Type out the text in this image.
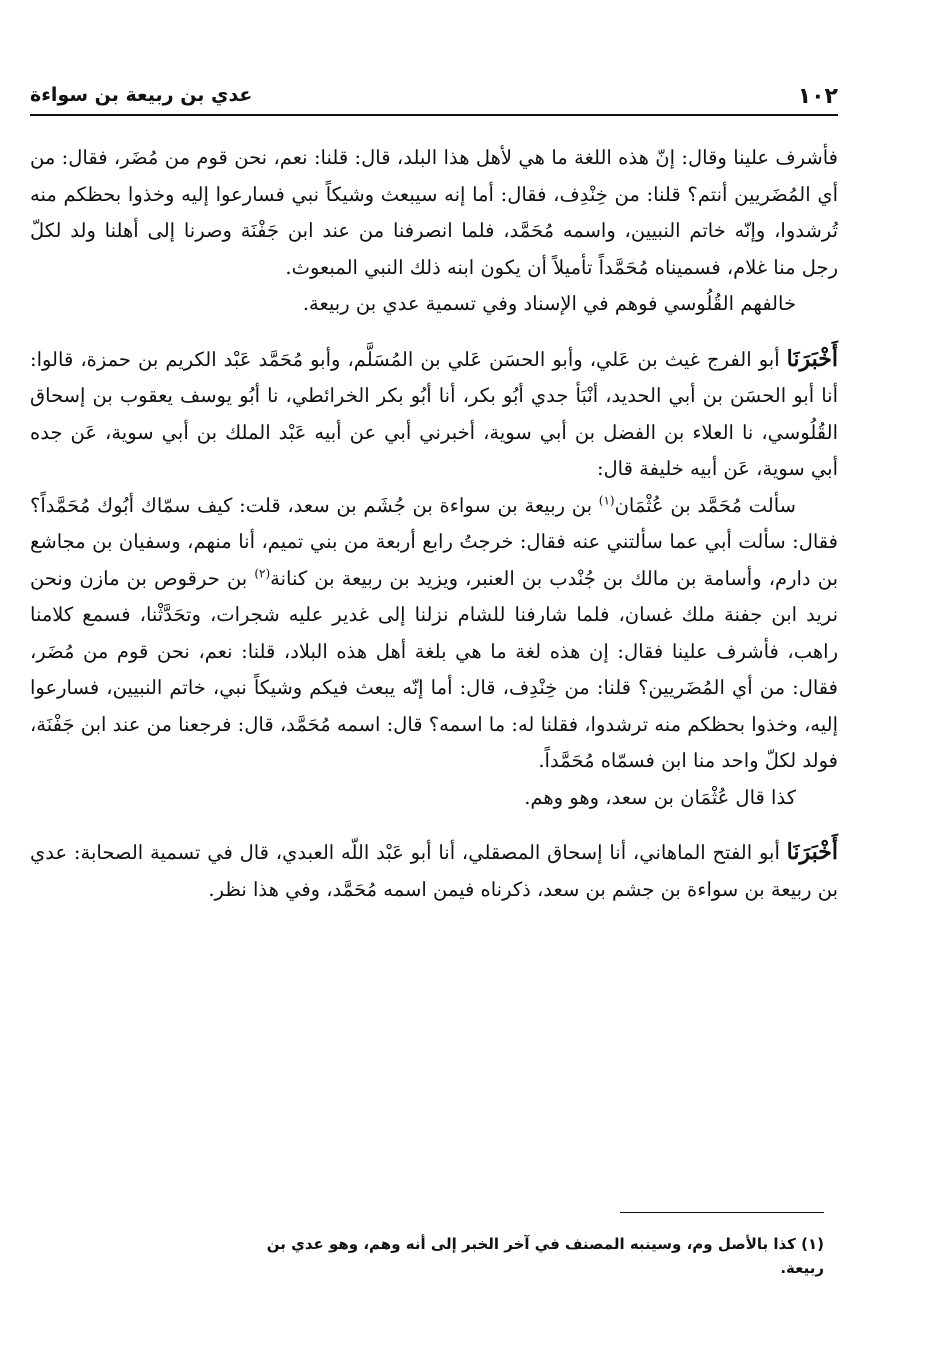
١٠٢
عدي بن ربيعة بن سواءة

فأشرف علينا وقال: إنّ هذه اللغة ما هي لأهل هذا البلد، قال: قلنا: نعم، نحن قوم من مُضَر، فقال: من أي المُضَريين أنتم؟ قلنا: من خِنْدِف، فقال: أما إنه سيبعث وشيكاً نبي فسارعوا إليه وخذوا بحظكم منه تُرشدوا، وإنّه خاتم النبيين، واسمه مُحَمَّد، فلما انصرفنا من عند ابن جَفْنَة وصرنا إلى أهلنا ولد لكلّ رجل منا غلام، فسميناه مُحَمَّداً تأميلاً أن يكون ابنه ذلك النبي المبعوث.

خالفهم القُلُوسي فوهم في الإسناد وفي تسمية عدي بن ربيعة.

أَخْبَرَنَا أبو الفرج غيث بن عَلي، وأبو الحسَن عَلي بن المُسَلَّم، وأبو مُحَمَّد عَبْد الكريم بن حمزة، قالوا: أنا أبو الحسَن بن أبي الحديد، أنْبَأ جدي أبُو بكر، أنا أبُو بكر الخرائطي، نا أبُو يوسف يعقوب بن إسحاق القُلُوسي، نا العلاء بن الفضل بن أبي سوية، أخبرني أبي عن أبيه عَبْد الملك بن أبي سوية، عَن جده أبي سوية، عَن أبيه خليفة قال:

سألت مُحَمَّد بن عُثْمَان$^{(١)}$ بن ربيعة بن سواءة بن جُشَم بن سعد، قلت: كيف سمّاك أبُوك مُحَمَّداً؟ فقال: سألت أبي عما سألتني عنه فقال: خرجتُ رابع أربعة من بني تميم، أنا منهم، وسفيان بن مجاشع بن دارم، وأسامة بن مالك بن جُنْدب بن العنبر، ويزيد بن ربيعة بن كنانة$^{(٢)}$ بن حرقوص بن مازن ونحن نريد ابن جفنة ملك غسان، فلما شارفنا للشام نزلنا إلى غدير عليه شجرات، وتحَدَّثْنا، فسمع كلامنا راهب، فأشرف علينا فقال: إن هذه لغة ما هي بلغة أهل هذه البلاد، قلنا: نعم، نحن قوم من مُضَر، فقال: من أي المُضَريين؟ قلنا: من خِنْدِف، قال: أما إنّه يبعث فيكم وشيكاً نبي، خاتم النبيين، فسارعوا إليه، وخذوا بحظكم منه ترشدوا، فقلنا له: ما اسمه؟ قال: اسمه مُحَمَّد، قال: فرجعنا من عند ابن جَفْنَة، فولد لكلّ واحد منا ابن فسمّاه مُحَمَّداً.

كذا قال عُثْمَان بن سعد، وهو وهم.

أَخْبَرَنَا أبو الفتح الماهاني، أنا إسحاق المصقلي، أنا أبو عَبْد اللّه العبدي، قال في تسمية الصحابة: عدي بن ربيعة بن سواءة بن جشم بن سعد، ذكرناه فيمن اسمه مُحَمَّد، وفي هذا نظر.

(١) كذا بالأصل وم، وسينبه المصنف في آخر الخبر إلى أنه وهم، وهو عدي بن ربيعة.
